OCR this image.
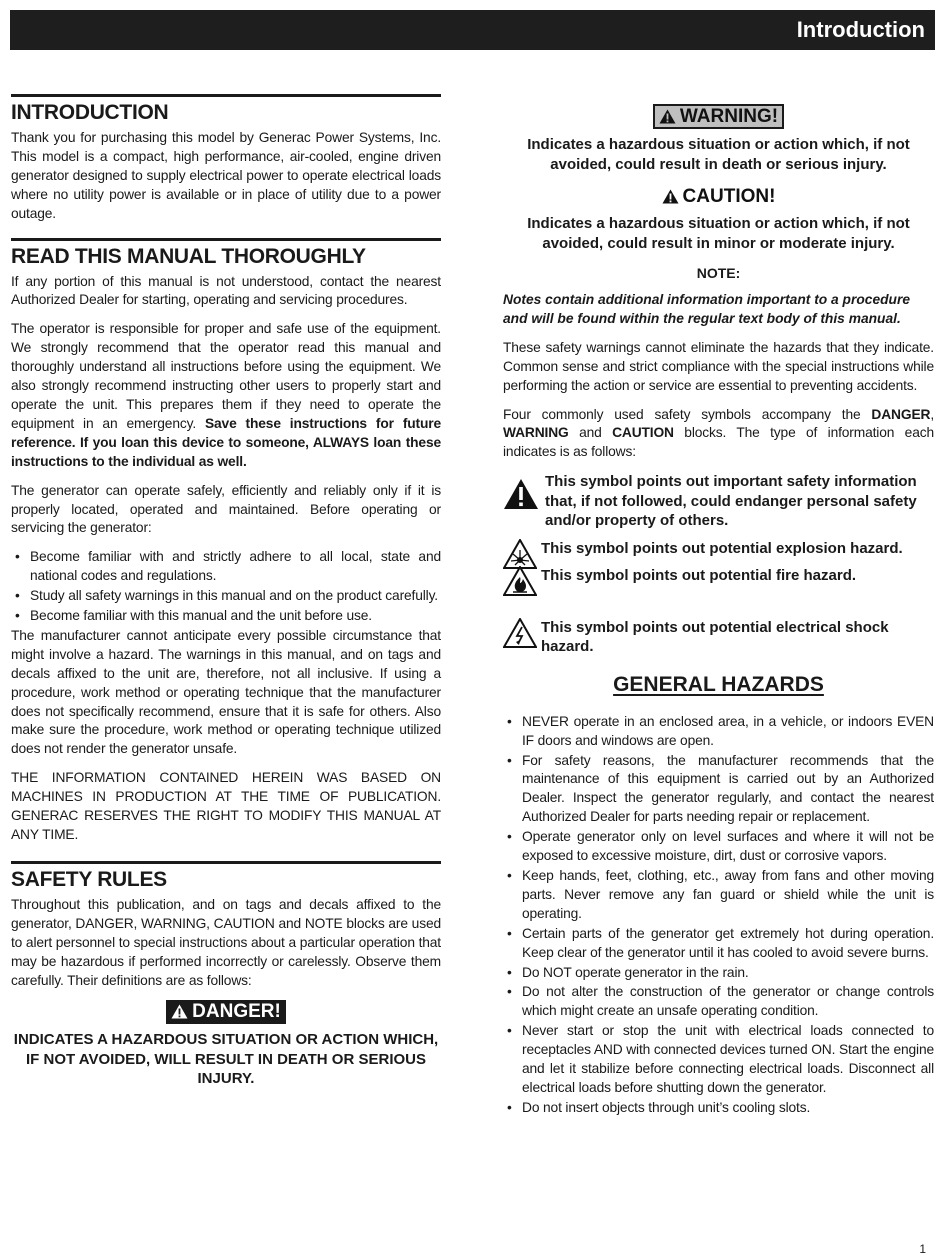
Introduction
INTRODUCTION

Thank you for purchasing this model by Generac Power Systems, Inc. This model is a compact, high performance, air-cooled, engine driven generator designed to supply electrical power to operate electrical loads where no utility power is available or in place of utility due to a power outage.

READ THIS MANUAL THOROUGHLY

If any portion of this manual is not understood, contact the nearest Authorized Dealer for starting, operating and servicing procedures.

The operator is responsible for proper and safe use of the equipment. We strongly recommend that the operator read this manual and thoroughly understand all instructions before using the equipment. We also strongly recommend instructing other users to properly start and operate the unit. This prepares them if they need to operate the equipment in an emergency. Save these instructions for future reference. If you loan this device to someone, ALWAYS loan these instructions to the individual as well.

The generator can operate safely, efficiently and reliably only if it is properly located, operated and maintained. Before operating or servicing the generator:

• Become familiar with and strictly adhere to all local, state and national codes and regulations.
• Study all safety warnings in this manual and on the product carefully.
• Become familiar with this manual and the unit before use.

The manufacturer cannot anticipate every possible circumstance that might involve a hazard. The warnings in this manual, and on tags and decals affixed to the unit are, therefore, not all inclusive. If using a procedure, work method or operating technique that the manufacturer does not specifically recommend, ensure that it is safe for others. Also make sure the procedure, work method or operating technique utilized does not render the generator unsafe.

THE INFORMATION CONTAINED HEREIN WAS BASED ON MACHINES IN PRODUCTION AT THE TIME OF PUBLICATION. GENERAC RESERVES THE RIGHT TO MODIFY THIS MANUAL AT ANY TIME.

SAFETY RULES

Throughout this publication, and on tags and decals affixed to the generator, DANGER, WARNING, CAUTION and NOTE blocks are used to alert personnel to special instructions about a particular operation that may be hazardous if performed incorrectly or carelessly. Observe them carefully. Their definitions are as follows:

DANGER!
INDICATES A HAZARDOUS SITUATION OR ACTION WHICH, IF NOT AVOIDED, WILL RESULT IN DEATH OR SERIOUS INJURY.
WARNING!
Indicates a hazardous situation or action which, if not avoided, could result in death or serious injury.
CAUTION!
Indicates a hazardous situation or action which, if not avoided, could result in minor or moderate injury.
NOTE:
Notes contain additional information important to a procedure and will be found within the regular text body of this manual.

These safety warnings cannot eliminate the hazards that they indicate. Common sense and strict compliance with the special instructions while performing the action or service are essential to preventing accidents.

Four commonly used safety symbols accompany the DANGER, WARNING and CAUTION blocks. The type of information each indicates is as follows:

This symbol points out important safety information that, if not followed, could endanger personal safety and/or property of others.
This symbol points out potential explosion hazard.
This symbol points out potential fire hazard.
This symbol points out potential electrical shock hazard.
GENERAL HAZARDS
• NEVER operate in an enclosed area, in a vehicle, or indoors EVEN IF doors and windows are open.
• For safety reasons, the manufacturer recommends that the maintenance of this equipment is carried out by an Authorized Dealer. Inspect the generator regularly, and contact the nearest Authorized Dealer for parts needing repair or replacement.
• Operate generator only on level surfaces and where it will not be exposed to excessive moisture, dirt, dust or corrosive vapors.
• Keep hands, feet, clothing, etc., away from fans and other moving parts. Never remove any fan guard or shield while the unit is operating.
• Certain parts of the generator get extremely hot during operation. Keep clear of the generator until it has cooled to avoid severe burns.
• Do NOT operate generator in the rain.
• Do not alter the construction of the generator or change controls which might create an unsafe operating condition.
• Never start or stop the unit with electrical loads connected to receptacles AND with connected devices turned ON. Start the engine and let it stabilize before connecting electrical loads. Disconnect all electrical loads before shutting down the generator.
• Do not insert objects through unit’s cooling slots.
1
